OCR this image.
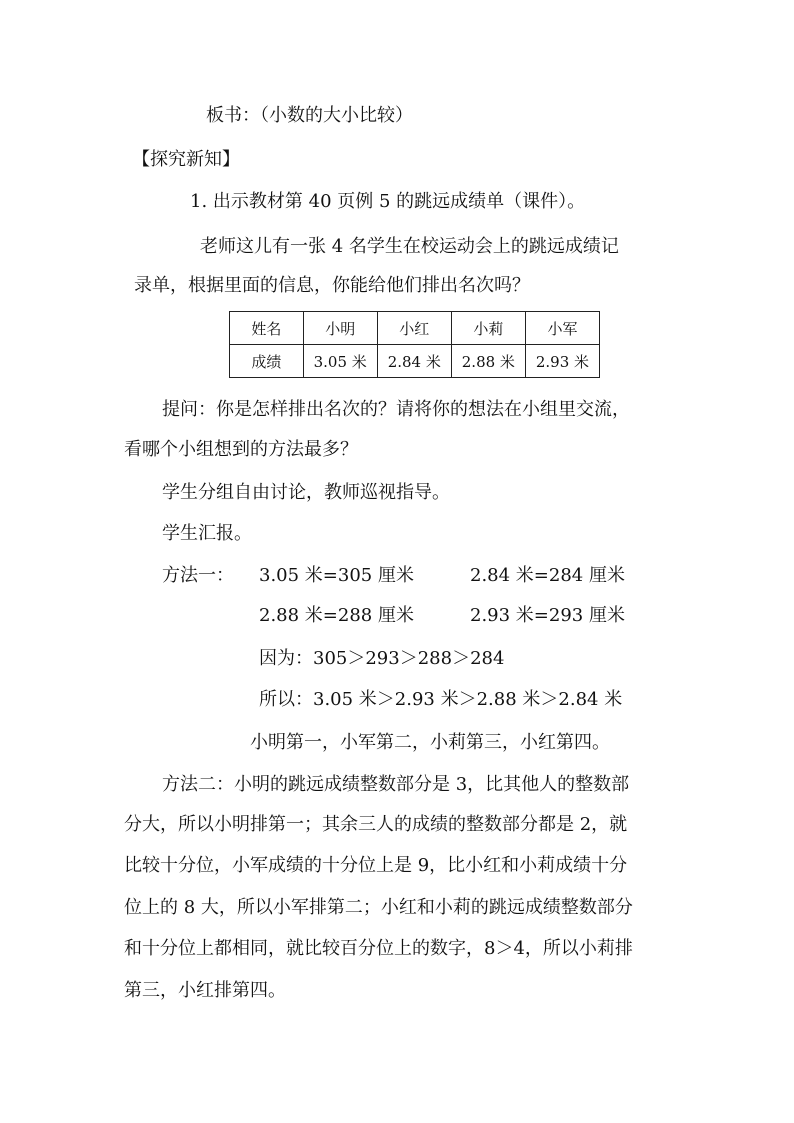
板书：（小数的大小比较）
【探究新知】
1. 出示教材第 40 页例 5 的跳远成绩单（课件）。
老师这儿有一张 4 名学生在校运动会上的跳远成绩记
录单，根据里面的信息，你能给他们排出名次吗？
姓名	小明	小红	小莉	小军
成绩	3.05 米	2.84 米	2.88 米	2.93 米
提问：你是怎样排出名次的？请将你的想法在小组里交流，
看哪个小组想到的方法最多？
学生分组自由讨论，教师巡视指导。
学生汇报。
方法一： 3.05 米=305 厘米	2.84 米=284 厘米
2.88 米=288 厘米	2.93 米=293 厘米
因为：305＞293＞288＞284
所以：3.05 米＞2.93 米＞2.88 米＞2.84 米
小明第一，小军第二，小莉第三，小红第四。
方法二：小明的跳远成绩整数部分是 3，比其他人的整数部
分大，所以小明排第一；其余三人的成绩的整数部分都是 2，就
比较十分位，小军成绩的十分位上是 9，比小红和小莉成绩十分
位上的 8 大，所以小军排第二；小红和小莉的跳远成绩整数部分
和十分位上都相同，就比较百分位上的数字，8＞4，所以小莉排
第三，小红排第四。
